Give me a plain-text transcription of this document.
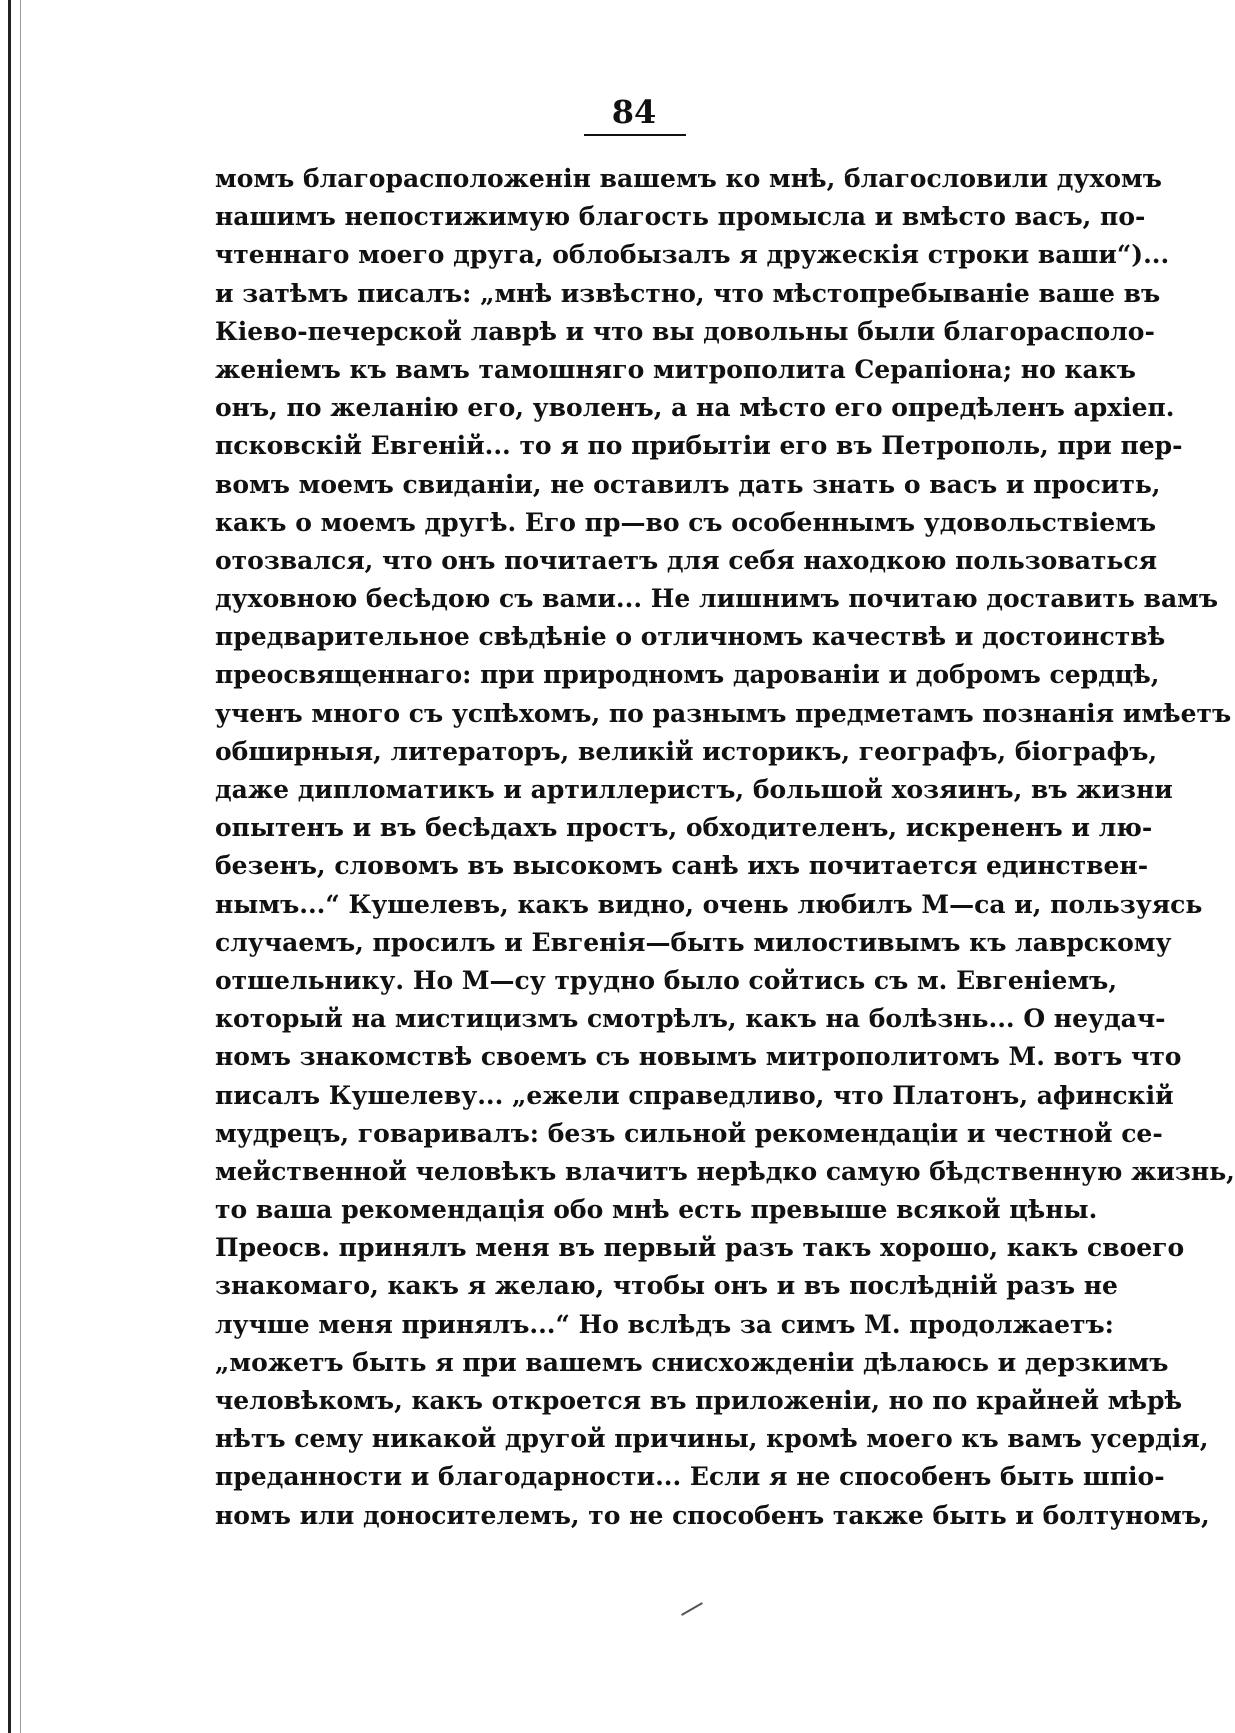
84
момъ благорасположенін вашемъ ко мнѣ, благословили духомъ
нашимъ непостижимую благость промысла и вмѣсто васъ, по-
чтеннаго моего друга, облобызалъ я дружескія строки ваши“)...
и затѣмъ писалъ: „мнѣ извѣстно, что мѣстопребываніе ваше въ
Кіево-печерской лаврѣ и что вы довольны были благорасполо-
женіемъ къ вамъ тамошняго митрополита Серапіона; но какъ
онъ, по желанію его, уволенъ, а на мѣсто его опредѣленъ архіеп.
псковскій Евгеній... то я по прибытіи его въ Петрополь, при пер-
вомъ моемъ свиданіи, не оставилъ дать знать о васъ и просить,
какъ о моемъ другѣ. Его пр—во съ особеннымъ удовольствіемъ
отозвался, что онъ почитаетъ для себя находкою пользоваться
духовною бесѣдою съ вами... Не лишнимъ почитаю доставить вамъ
предварительное свѣдѣніе о отличномъ качествѣ и достоинствѣ
преосвященнаго: при природномъ дарованіи и добромъ сердцѣ,
ученъ много съ успѣхомъ, по разнымъ предметамъ познанія имѣетъ
обширныя, литераторъ, великій историкъ, географъ, біографъ,
даже дипломатикъ и артиллеристъ, большой хозяинъ, въ жизни
опытенъ и въ бесѣдахъ простъ, обходителенъ, искрененъ и лю-
безенъ, словомъ въ высокомъ санѣ ихъ почитается единствен-
нымъ...“ Кушелевъ, какъ видно, очень любилъ М—са и, пользуясь
случаемъ, просилъ и Евгенія—быть милостивымъ къ лаврскому
отшельнику. Но М—су трудно было сойтись съ м. Евгеніемъ,
который на мистицизмъ смотрѣлъ, какъ на болѣзнь... О неудач-
номъ знакомствѣ своемъ съ новымъ митрополитомъ М. вотъ что
писалъ Кушелеву... „ежели справедливо, что Платонъ, афинскій
мудрецъ, говаривалъ: безъ сильной рекомендаціи и честной се-
мейственной человѣкъ влачитъ нерѣдко самую бѣдственную жизнь,
то ваша рекомендація обо мнѣ есть превыше всякой цѣны.
Преосв. принялъ меня въ первый разъ такъ хорошо, какъ своего
знакомаго, какъ я желаю, чтобы онъ и въ послѣдній разъ не
лучше меня принялъ...“ Но вслѣдъ за симъ М. продолжаетъ:
„можетъ быть я при вашемъ снисхожденіи дѣлаюсь и дерзкимъ
человѣкомъ, какъ откроется въ приложеніи, но по крайней мѣрѣ
нѣтъ сему никакой другой причины, кромѣ моего къ вамъ усердія,
преданности и благодарности... Если я не способенъ быть шпіо-
номъ или доносителемъ, то не способенъ также быть и болтуномъ,
